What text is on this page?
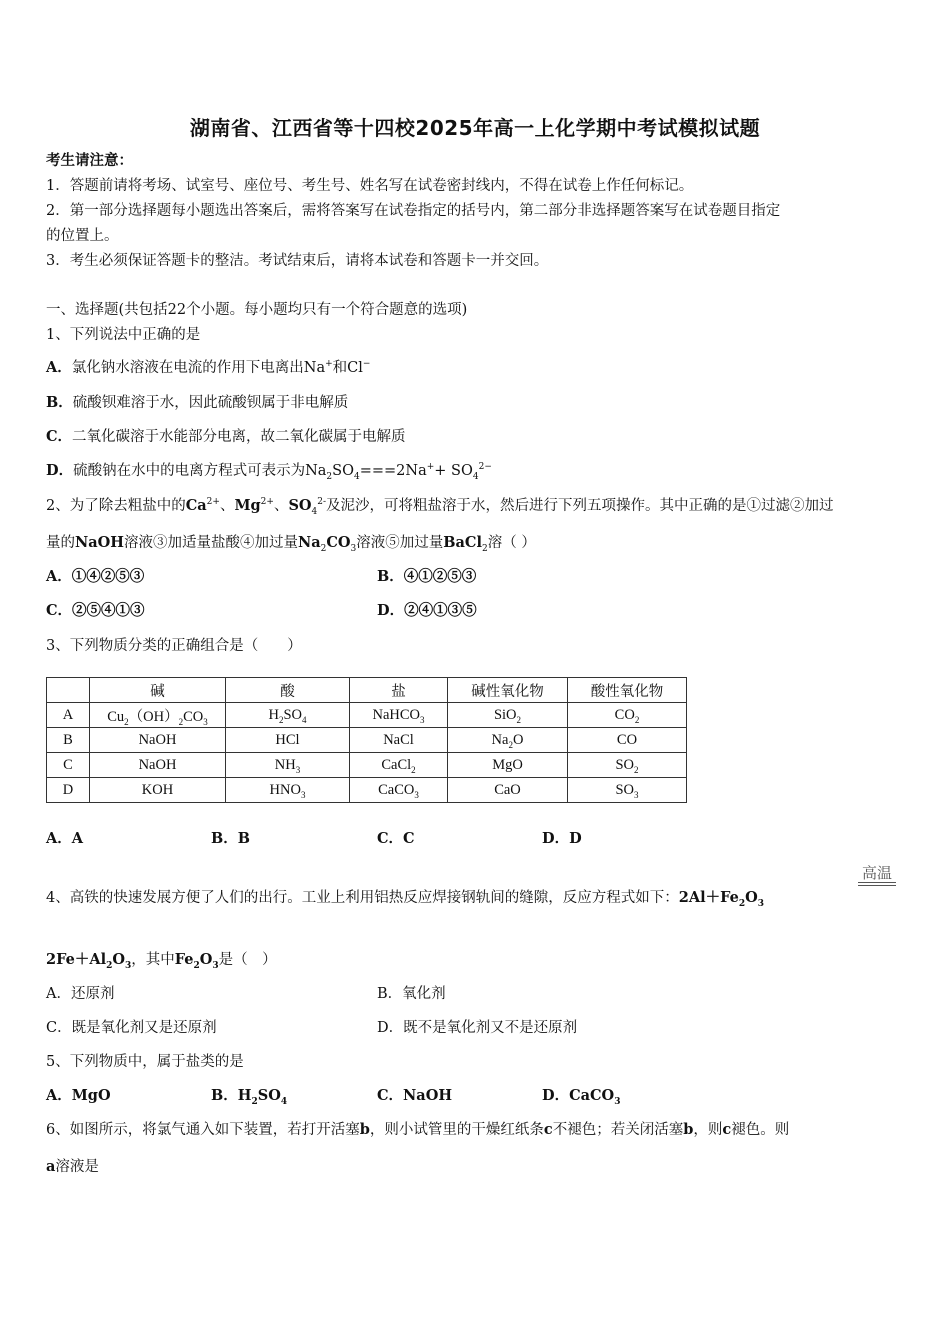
湖南省、江西省等十四校2025年高一上化学期中考试模拟试题
考生请注意：
1．答题前请将考场、试室号、座位号、考生号、姓名写在试卷密封线内，不得在试卷上作任何标记。
2．第一部分选择题每小题选出答案后，需将答案写在试卷指定的括号内，第二部分非选择题答案写在试卷题目指定
的位置上。
3．考生必须保证答题卡的整洁。考试结束后，请将本试卷和答题卡一并交回。
一、选择题(共包括22个小题。每小题均只有一个符合题意的选项)
1、下列说法中正确的是
A．氯化钠水溶液在电流的作用下电离出Na+和Cl−
B．硫酸钡难溶于水，因此硫酸钡属于非电解质
C．二氧化碳溶于水能部分电离，故二氧化碳属于电解质
D．硫酸钠在水中的电离方程式可表示为$Na_2SO_4===2Na^++ SO_4^{2-}$
2、为了除去粗盐中的$Ca^{2+}$、$Mg^{2+}$、$SO_4^{2-}$及泥沙，可将粗盐溶于水，然后进行下列五项操作。其中正确的是①过滤②加过
量的NaOH溶液③加适量盐酸④加过量$Na_2CO_3$溶液⑤加过量BaCl$_2$溶（ ）
A．①④②⑤③	B．④①②⑤③
C．②⑤④①③	D．②④①③⑤
3、下列物质分类的正确组合是（　　）
	碱	酸	盐	碱性氧化物	酸性氧化物
A	$Cu_2(OH)_2CO_3$	$H_2SO_4$	NaHCO$_3$	SiO$_2$	$CO_2$
B	NaOH	HCl	NaCl	$Na_2O$	CO
C	NaOH	$NH_3$	CaCl$_2$	MgO	$SO_2$
D	KOH	$HNO_3$	CaCO$_3$	CaO	$SO_3$
A．A	B．B	C．C	D．D
高温
4、高铁的快速发展方便了人们的出行。工业上利用铝热反应焊接钢轨间的缝隙，反应方程式如下：$2Al+Fe_2O_3$
$2Fe+Al_2O_3$，其中$Fe_2O_3$是（　）
A．还原剂	B．氧化剂
C．既是氧化剂又是还原剂	D．既不是氧化剂又不是还原剂
5、下列物质中，属于盐类的是
A．MgO	B．$H_2SO_4$	C．NaOH	D．CaCO$_3$
6、如图所示，将氯气通入如下装置，若打开活塞b，则小试管里的干燥红纸条c不褪色；若关闭活塞b，则c褪色。则
a溶液是
